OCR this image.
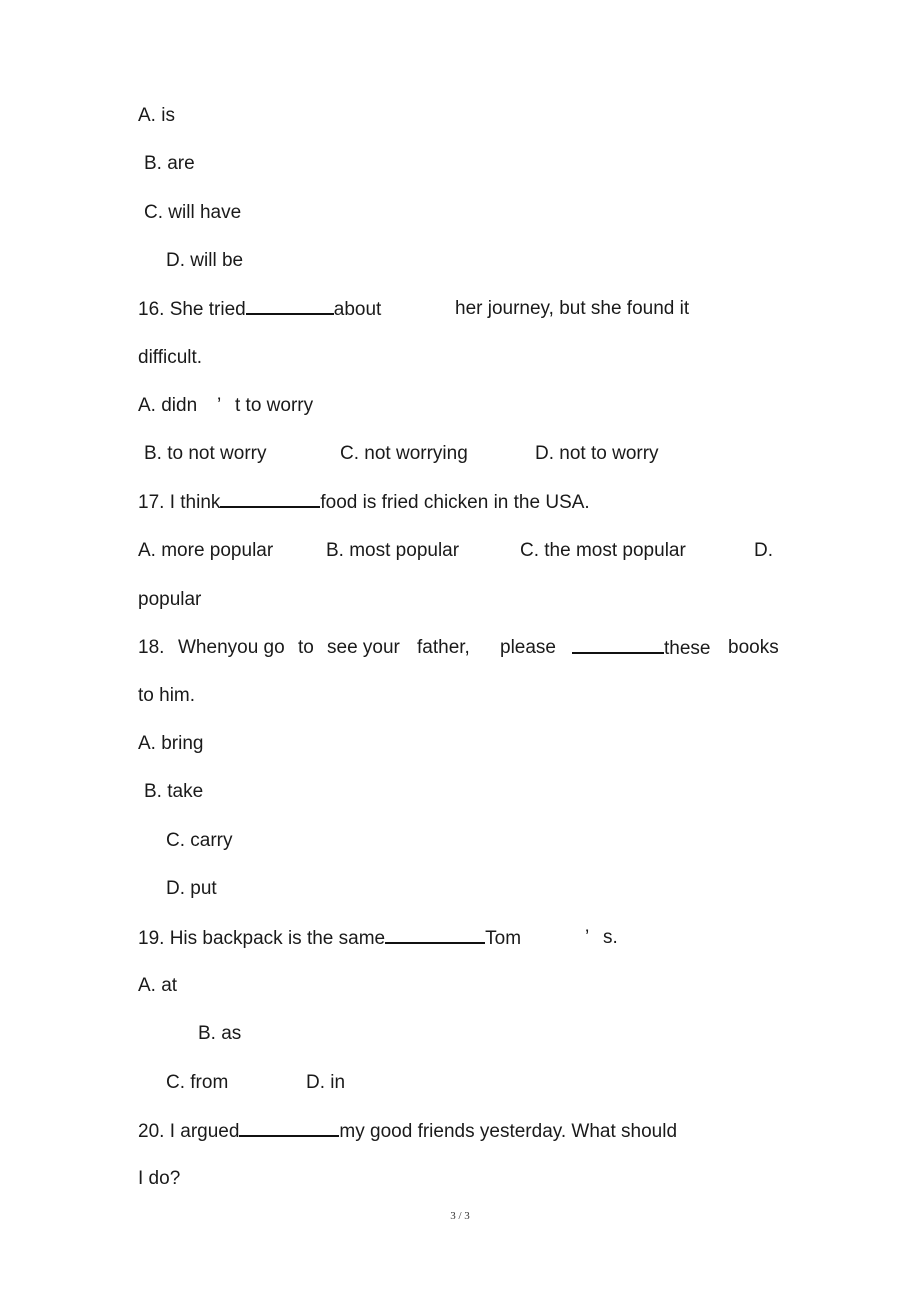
A. is
B. are
C. will have
D. will be
16. She tried	about	her journey, but she found it
difficult.
A. didn ’ t to worry
B. to not worry	C. not worrying	D. not to worry
17. I think	food is fried chicken in the USA.
A. more popular	B. most popular	C. the most popular	D.
popular
18. Whenyou go to see your father, please	these books
to him.
A. bring
B. take
C. carry
D. put
19. His backpack is the same	Tom	’ s.
A. at
B. as
C. from	D. in
20. I argued	my good friends yesterday. What should
I do?
3 / 3
